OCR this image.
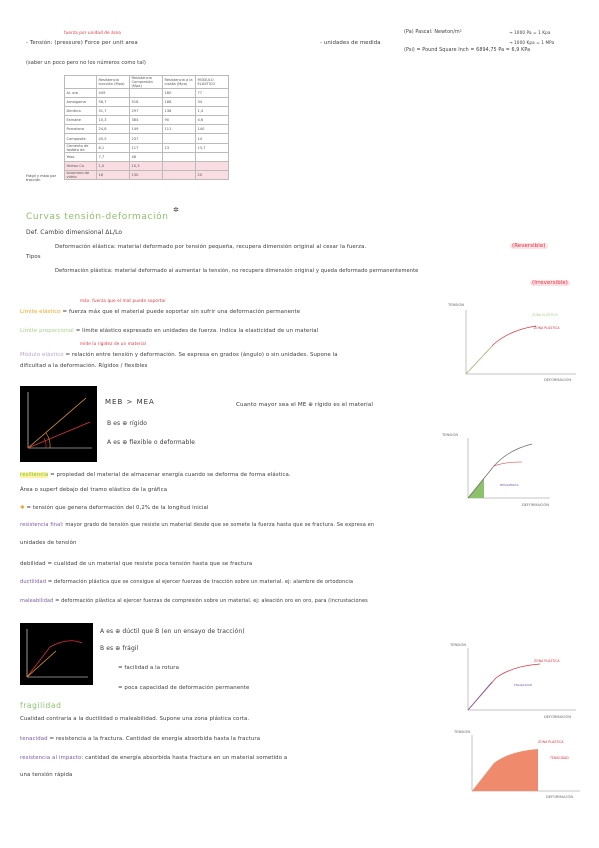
fuerza por unidad de área
- Tensión: (pressure) Force per unit area
(saber un poco pero no los números como tal)
- unidades de medida
(Pa) Pascal: Newton/m²
(Psi) = Pound Square Inch = 6894,75 Pa = 6,9 KPa
→ 1000 Pa = 1 Kpa
→ 1000 Kpa = 1 MPa
	Resistencia tracción (Mpa)	Resistencia Compresión (Mpa)	Resistencia a la cizalla (Mpa)	MÓDULO ELÁSTICO
Al. oro	449		180	77
Amalgama	56,7	518	188	34
Dentina	51,7	297	138	1,4
Esmalte	10,3	384	90	4,6
Porcelana	24,8	149	111	140
Composite	45,5	237		14
Cemento de fosfato de	8,1	117	13	13,7
Yeso	7,7	48		
Hidrox Ca	1,0	10,3		
Ionomero de vidrio	16	130		20
Frágil y malo por tracción
Curvas tensión-deformación
✲
Def. Cambio dimensional ΔL/Lo
Tipos
Deformación elástica: material deformado por tensión pequeña, recupera dimensión original al cesar la fuerza.	(Reversible)
Deformación plástica: material deformado al aumentar la tensión, no recupera dimensión original y queda deformado permanentemente
(Irreversible)
máx. fuerza que el mat puede soportar
Límite elástico = fuerza máx que el material puede soportar sin sufrir una deformación permanente
Límite proporcional = límite elástico expresado en unidades de fuerza. Indica la elasticidad de un material
mide la rigidez de un material
Módulo elástico = relación entre tensión y deformación. Se expresa en grados (ángulo) o sin unidades. Supone la
dificultad a la deformación. Rígidos / flexibles
MEB > MEA
B es ⊕ rígido
A es ⊕ flexible o deformable
Cuanto mayor sea el ME ⊕ rígido es el material
resiliencia = propiedad del material de almacenar energía cuando se deforma de forma elástica.
Área o superf debajo del tramo elástico de la gráfica
✱ = tensión que genera deformación del 0,2% de la longitud inicial
resistencia final: mayor grado de tensión que resiste un material desde que se somete la fuerza hasta que se fractura. Se expresa en
unidades de tensión
debilidad = cualidad de un material que resiste poca tensión hasta que se fractura
ductilidad = deformación plástica que se consigue al ejercer fuerzas de tracción sobre un material. ej: alambre de ortodoncia
maleabilidad = deformación plástica al ejercer fuerzas de compresión sobre un material. ej: aleación oro en oro, para (incrustaciones
A es ⊕ dúctil que B (en un ensayo de tracción)
B es ⊕ frágil
= facilidad a la rotura
= poca capacidad de deformación permanente
fragilidad
Cualidad contraria a la ductilidad o maleabilidad. Supone una zona plástica corta.
tenacidad = resistencia a la fractura. Cantidad de energía absorbida hasta la fractura
resistencia al impacto: cantidad de energía absorbida hasta fractura en un material sometido a
una tensión rápida
TENSIÓN
ZONA ELÁSTICA
ZONA PLÁSTICA
DEFORMACIÓN
TENSIÓN
RESILIENCIA
DEFORMACIÓN
TENSIÓN
ZONA PLÁSTICA
FRAGILIDAD
DEFORMACIÓN
TENSIÓN
ZONA PLÁSTICA
TENACIDAD
DEFORMACIÓN
